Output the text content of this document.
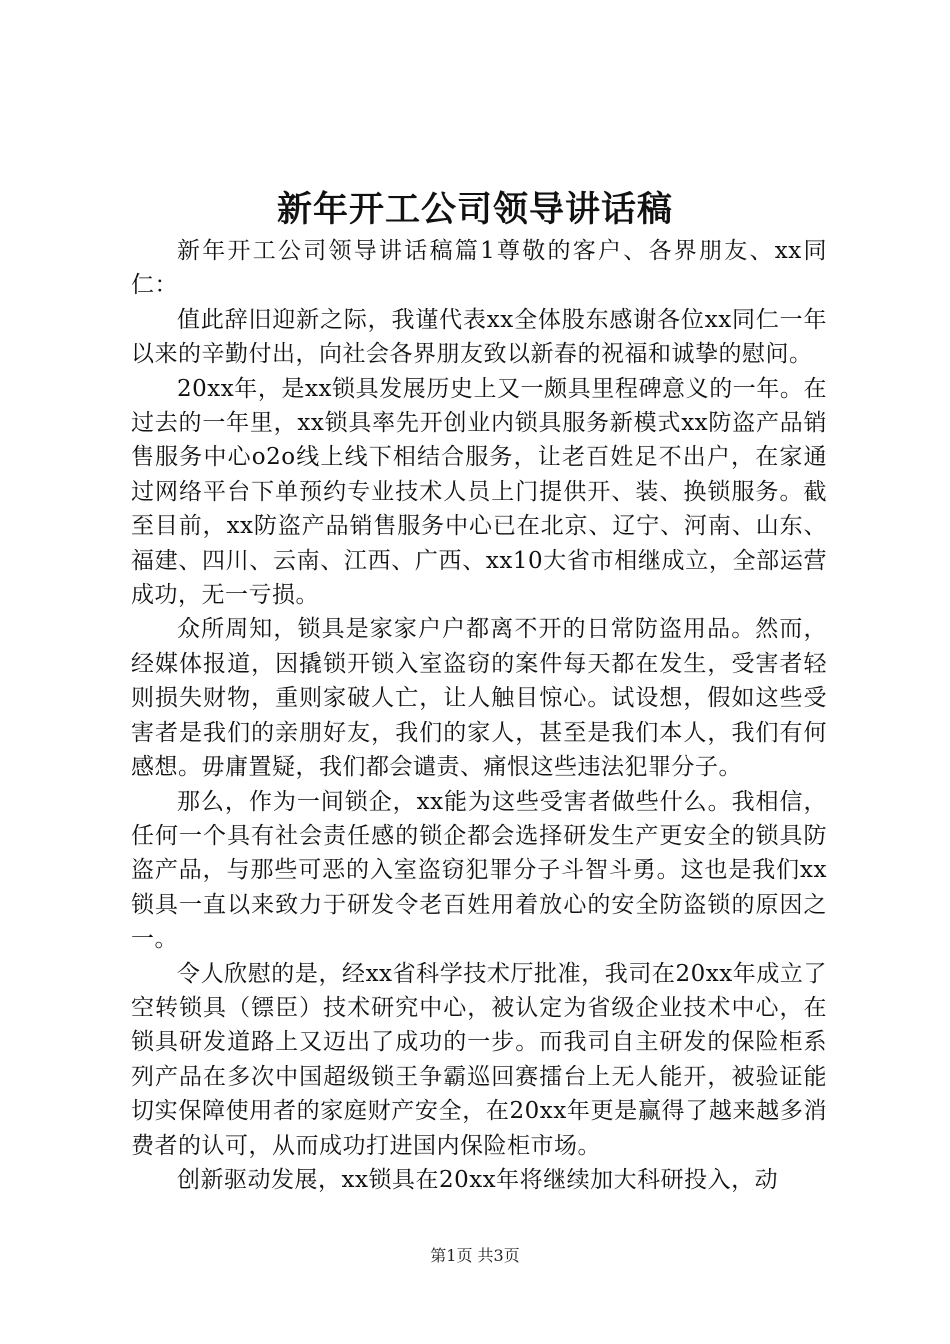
新年开工公司领导讲话稿

新年开工公司领导讲话稿篇1尊敬的客户、各界朋友、xx同仁：

值此辞旧迎新之际，我谨代表xx全体股东感谢各位xx同仁一年以来的辛勤付出，向社会各界朋友致以新春的祝福和诚挚的慰问。

20xx年，是xx锁具发展历史上又一颇具里程碑意义的一年。在过去的一年里，xx锁具率先开创业内锁具服务新模式xx防盗产品销售服务中心o2o线上线下相结合服务，让老百姓足不出户，在家通过网络平台下单预约专业技术人员上门提供开、装、换锁服务。截至目前，xx防盗产品销售服务中心已在北京、辽宁、河南、山东、福建、四川、云南、江西、广西、xx10大省市相继成立，全部运营成功，无一亏损。

众所周知，锁具是家家户户都离不开的日常防盗用品。然而，经媒体报道，因撬锁开锁入室盗窃的案件每天都在发生，受害者轻则损失财物，重则家破人亡，让人触目惊心。试设想，假如这些受害者是我们的亲朋好友，我们的家人，甚至是我们本人，我们有何感想。毋庸置疑，我们都会谴责、痛恨这些违法犯罪分子。

那么，作为一间锁企，xx能为这些受害者做些什么。我相信，任何一个具有社会责任感的锁企都会选择研发生产更安全的锁具防盗产品，与那些可恶的入室盗窃犯罪分子斗智斗勇。这也是我们xx锁具一直以来致力于研发令老百姓用着放心的安全防盗锁的原因之一。

令人欣慰的是，经xx省科学技术厅批准，我司在20xx年成立了空转锁具（镖臣）技术研究中心，被认定为省级企业技术中心，在锁具研发道路上又迈出了成功的一步。而我司自主研发的保险柜系列产品在多次中国超级锁王争霸巡回赛擂台上无人能开，被验证能切实保障使用者的家庭财产安全，在20xx年更是赢得了越来越多消费者的认可，从而成功打进国内保险柜市场。

创新驱动发展，xx锁具在20xx年将继续加大科研投入，动

第1页 共3页
